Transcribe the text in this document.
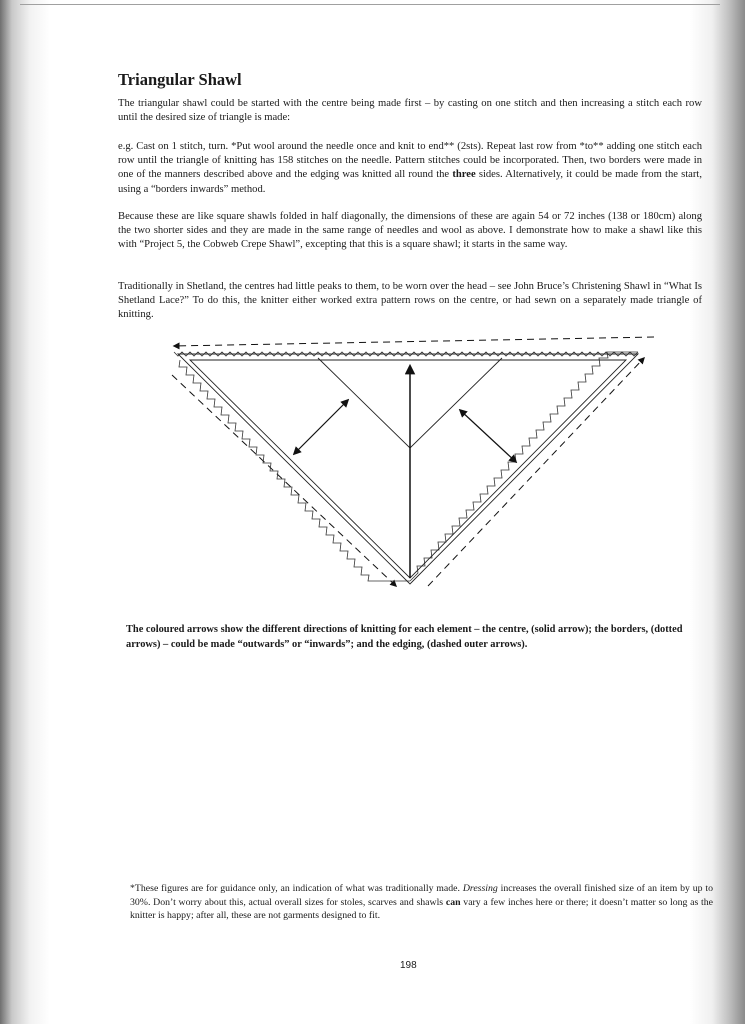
Triangular Shawl

The triangular shawl could be started with the centre being made first – by casting on one stitch and then increasing a stitch each row until the desired size of triangle is made:

e.g. Cast on 1 stitch, turn. *Put wool around the needle once and knit to end** (2sts). Repeat last row from *to** adding one stitch each row until the triangle of knitting has 158 stitches on the needle. Pattern stitches could be incorporated. Then, two borders were made in one of the manners described above and the edging was knitted all round the three sides. Alternatively, it could be made from the start, using a “borders inwards” method.

Because these are like square shawls folded in half diagonally, the dimensions of these are again 54 or 72 inches (138 or 180cm) along the two shorter sides and they are made in the same range of needles and wool as above. I demonstrate how to make a shawl like this with “Project 5, the Cobweb Crepe Shawl”, excepting that this is a square shawl; it starts in the same way.

Traditionally in Shetland, the centres had little peaks to them, to be worn over the head – see John Bruce’s Christening Shawl in “What Is Shetland Lace?” To do this, the knitter either worked extra pattern rows on the centre, or had sewn on a separately made triangle of knitting.

The coloured arrows show the different directions of knitting for each element – the centre, (solid arrow); the borders, (dotted arrows) – could be made “outwards” or “inwards”; and the edging, (dashed outer arrows).

*These figures are for guidance only, an indication of what was traditionally made. Dressing increases the overall finished size of an item by up to 30%. Don’t worry about this, actual overall sizes for stoles, scarves and shawls can vary a few inches here or there; it doesn’t matter so long as the knitter is happy; after all, these are not garments designed to fit.

198
